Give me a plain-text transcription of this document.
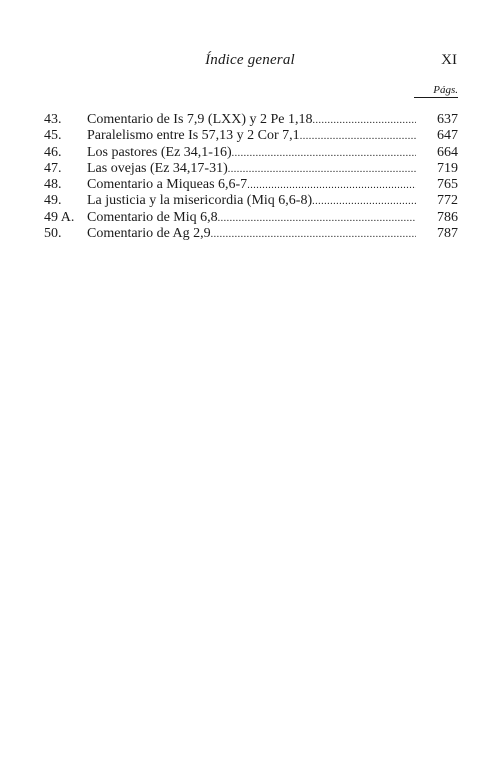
Índice general	XI
Págs.
43.	Comentario de Is 7,9 (LXX) y 2 Pe 1,18 .....	637
45.	Paralelismo entre Is 57,13 y 2 Cor 7,1 .....	647
46.	Los pastores (Ez 34,1-16) .....	664
47.	Las ovejas (Ez 34,17-31) .....	719
48.	Comentario a Miqueas 6,6-7 .....	765
49.	La justicia y la misericordia (Miq 6,6-8) .....	772
49 A. Comentario de Miq 6,8 .....	786
50.	Comentario de Ag 2,9 .....	787
